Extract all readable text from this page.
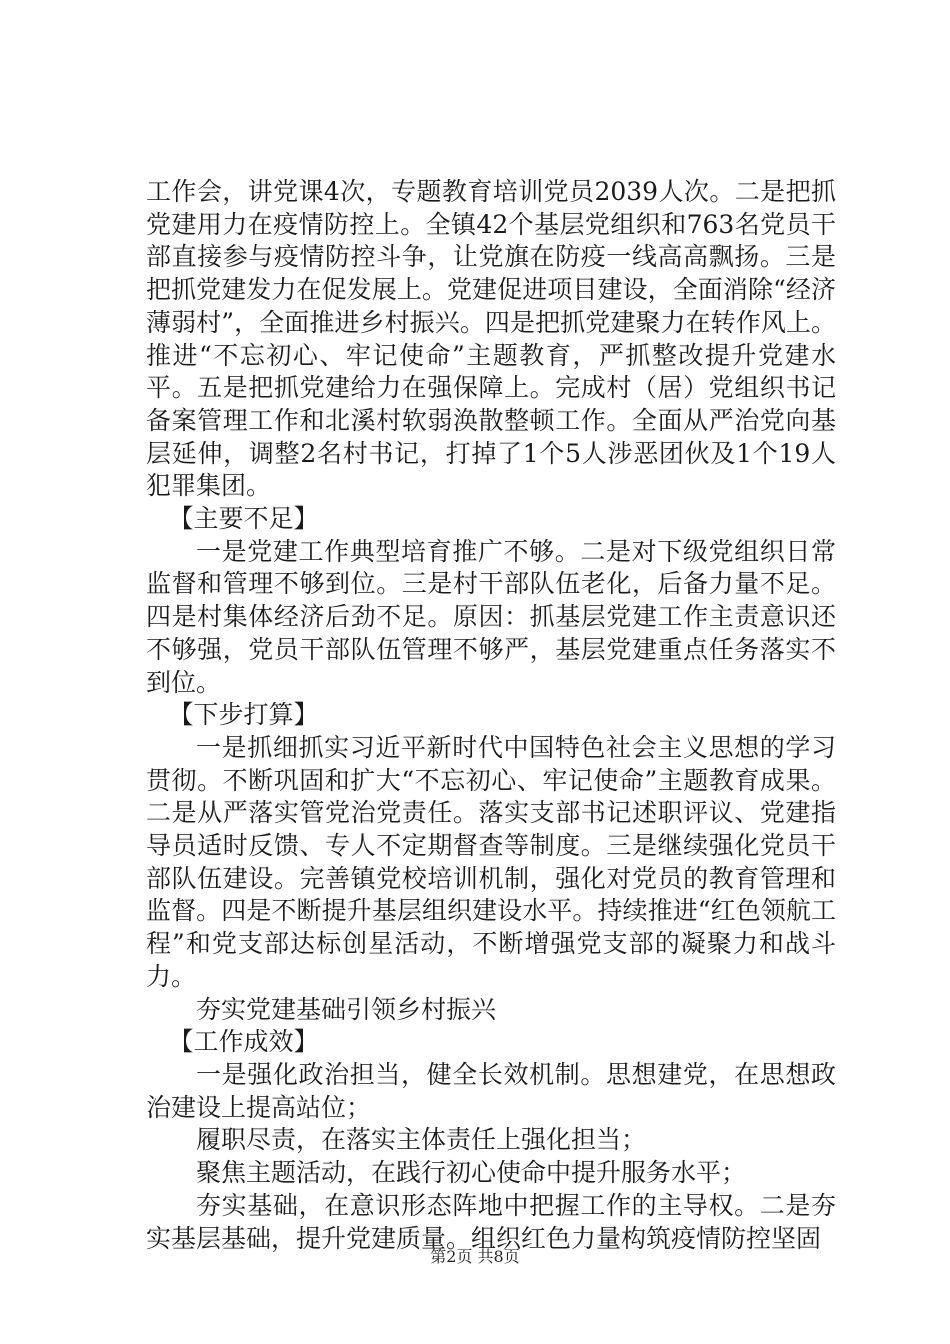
工作会，讲党课4次，专题教育培训党员2039人次。二是把抓党建用力在疫情防控上。全镇42个基层党组织和763名党员干部直接参与疫情防控斗争，让党旗在防疫一线高高飘扬。三是把抓党建发力在促发展上。党建促进项目建设，全面消除“经济薄弱村”，全面推进乡村振兴。四是把抓党建聚力在转作风上。推进“不忘初心、牢记使命”主题教育，严抓整改提升党建水平。五是把抓党建给力在强保障上。完成村（居）党组织书记备案管理工作和北溪村软弱涣散整顿工作。全面从严治党向基层延伸，调整2名村书记，打掉了1个5人涉恶团伙及1个19人犯罪集团。

【主要不足】

一是党建工作典型培育推广不够。二是对下级党组织日常监督和管理不够到位。三是村干部队伍老化，后备力量不足。四是村集体经济后劲不足。原因：抓基层党建工作主责意识还不够强，党员干部队伍管理不够严，基层党建重点任务落实不到位。

【下步打算】

一是抓细抓实习近平新时代中国特色社会主义思想的学习贯彻。不断巩固和扩大“不忘初心、牢记使命”主题教育成果。二是从严落实管党治党责任。落实支部书记述职评议、党建指导员适时反馈、专人不定期督查等制度。三是继续强化党员干部队伍建设。完善镇党校培训机制，强化对党员的教育管理和监督。四是不断提升基层组织建设水平。持续推进“红色领航工程”和党支部达标创星活动，不断增强党支部的凝聚力和战斗力。

夯实党建基础引领乡村振兴

【工作成效】

一是强化政治担当，健全长效机制。思想建党，在思想政治建设上提高站位；

履职尽责，在落实主体责任上强化担当；

聚焦主题活动，在践行初心使命中提升服务水平；

夯实基础，在意识形态阵地中把握工作的主导权。二是夯实基层基础，提升党建质量。组织红色力量构筑疫情防控坚固

第2页 共8页
